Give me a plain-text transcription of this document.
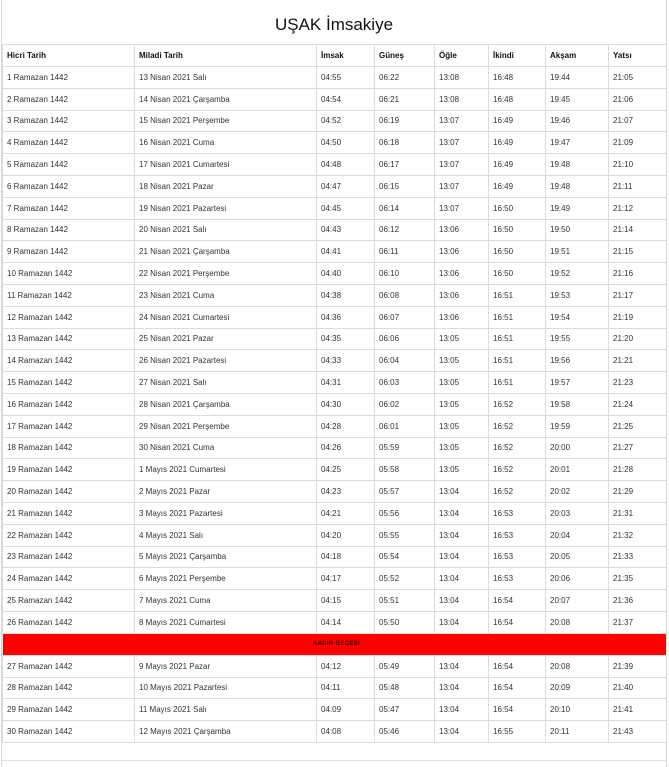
UŞAK İmsakiye
Hicri Tarih	Miladi Tarih	İmsak	Güneş	Öğle	İkindi	Akşam	Yatsı
1 Ramazan 1442	13 Nisan 2021 Salı	04:55	06:22	13:08	16:48	19:44	21:05
2 Ramazan 1442	14 Nisan 2021 Çarşamba	04:54	06:21	13:08	16:48	19:45	21:06
3 Ramazan 1442	15 Nisan 2021 Perşembe	04:52	06:19	13:07	16:49	19:46	21:07
4 Ramazan 1442	16 Nisan 2021 Cuma	04:50	06:18	13:07	16:49	19:47	21:09
5 Ramazan 1442	17 Nisan 2021 Cumartesi	04:48	06:17	13:07	16:49	19:48	21:10
6 Ramazan 1442	18 Nisan 2021 Pazar	04:47	06:15	13:07	16:49	19:48	21:11
7 Ramazan 1442	19 Nisan 2021 Pazartesi	04:45	06:14	13:07	16:50	19:49	21:12
8 Ramazan 1442	20 Nisan 2021 Salı	04:43	06:12	13:06	16:50	19:50	21:14
9 Ramazan 1442	21 Nisan 2021 Çarşamba	04:41	06:11	13:06	16:50	19:51	21:15
10 Ramazan 1442	22 Nisan 2021 Perşembe	04:40	06:10	13:06	16:50	19:52	21:16
11 Ramazan 1442	23 Nisan 2021 Cuma	04:38	06:08	13:06	16:51	19:53	21:17
12 Ramazan 1442	24 Nisan 2021 Cumartesi	04:36	06:07	13:06	16:51	19:54	21:19
13 Ramazan 1442	25 Nisan 2021 Pazar	04:35	06:06	13:05	16:51	19:55	21:20
14 Ramazan 1442	26 Nisan 2021 Pazartesi	04:33	06:04	13:05	16:51	19:56	21:21
15 Ramazan 1442	27 Nisan 2021 Salı	04:31	06:03	13:05	16:51	19:57	21:23
16 Ramazan 1442	28 Nisan 2021 Çarşamba	04:30	06:02	13:05	16:52	19:58	21:24
17 Ramazan 1442	29 Nisan 2021 Perşembe	04:28	06:01	13:05	16:52	19:59	21:25
18 Ramazan 1442	30 Nisan 2021 Cuma	04:26	05:59	13:05	16:52	20:00	21:27
19 Ramazan 1442	1 Mayıs 2021 Cumartesi	04:25	05:58	13:05	16:52	20:01	21:28
20 Ramazan 1442	2 Mayıs 2021 Pazar	04:23	05:57	13:04	16:52	20:02	21:29
21 Ramazan 1442	3 Mayıs 2021 Pazartesi	04:21	05:56	13:04	16:53	20:03	21:31
22 Ramazan 1442	4 Mayıs 2021 Salı	04:20	05:55	13:04	16:53	20:04	21:32
23 Ramazan 1442	5 Mayıs 2021 Çarşamba	04:18	05:54	13:04	16:53	20:05	21:33
24 Ramazan 1442	6 Mayıs 2021 Perşembe	04:17	05:52	13:04	16:53	20:06	21:35
25 Ramazan 1442	7 Mayıs 2021 Cuma	04:15	05:51	13:04	16:54	20:07	21:36
26 Ramazan 1442	8 Mayıs 2021 Cumartesi	04:14	05:50	13:04	16:54	20:08	21:37
KADİR GECESİ							
27 Ramazan 1442	9 Mayıs 2021 Pazar	04:12	05:49	13:04	16:54	20:08	21:39
28 Ramazan 1442	10 Mayıs 2021 Pazartesi	04:11	05:48	13:04	16:54	20:09	21:40
29 Ramazan 1442	11 Mayıs 2021 Salı	04:09	05:47	13:04	16:54	20:10	21:41
30 Ramazan 1442	12 Mayıs 2021 Çarşamba	04:08	05:46	13:04	16:55	20:11	21:43
